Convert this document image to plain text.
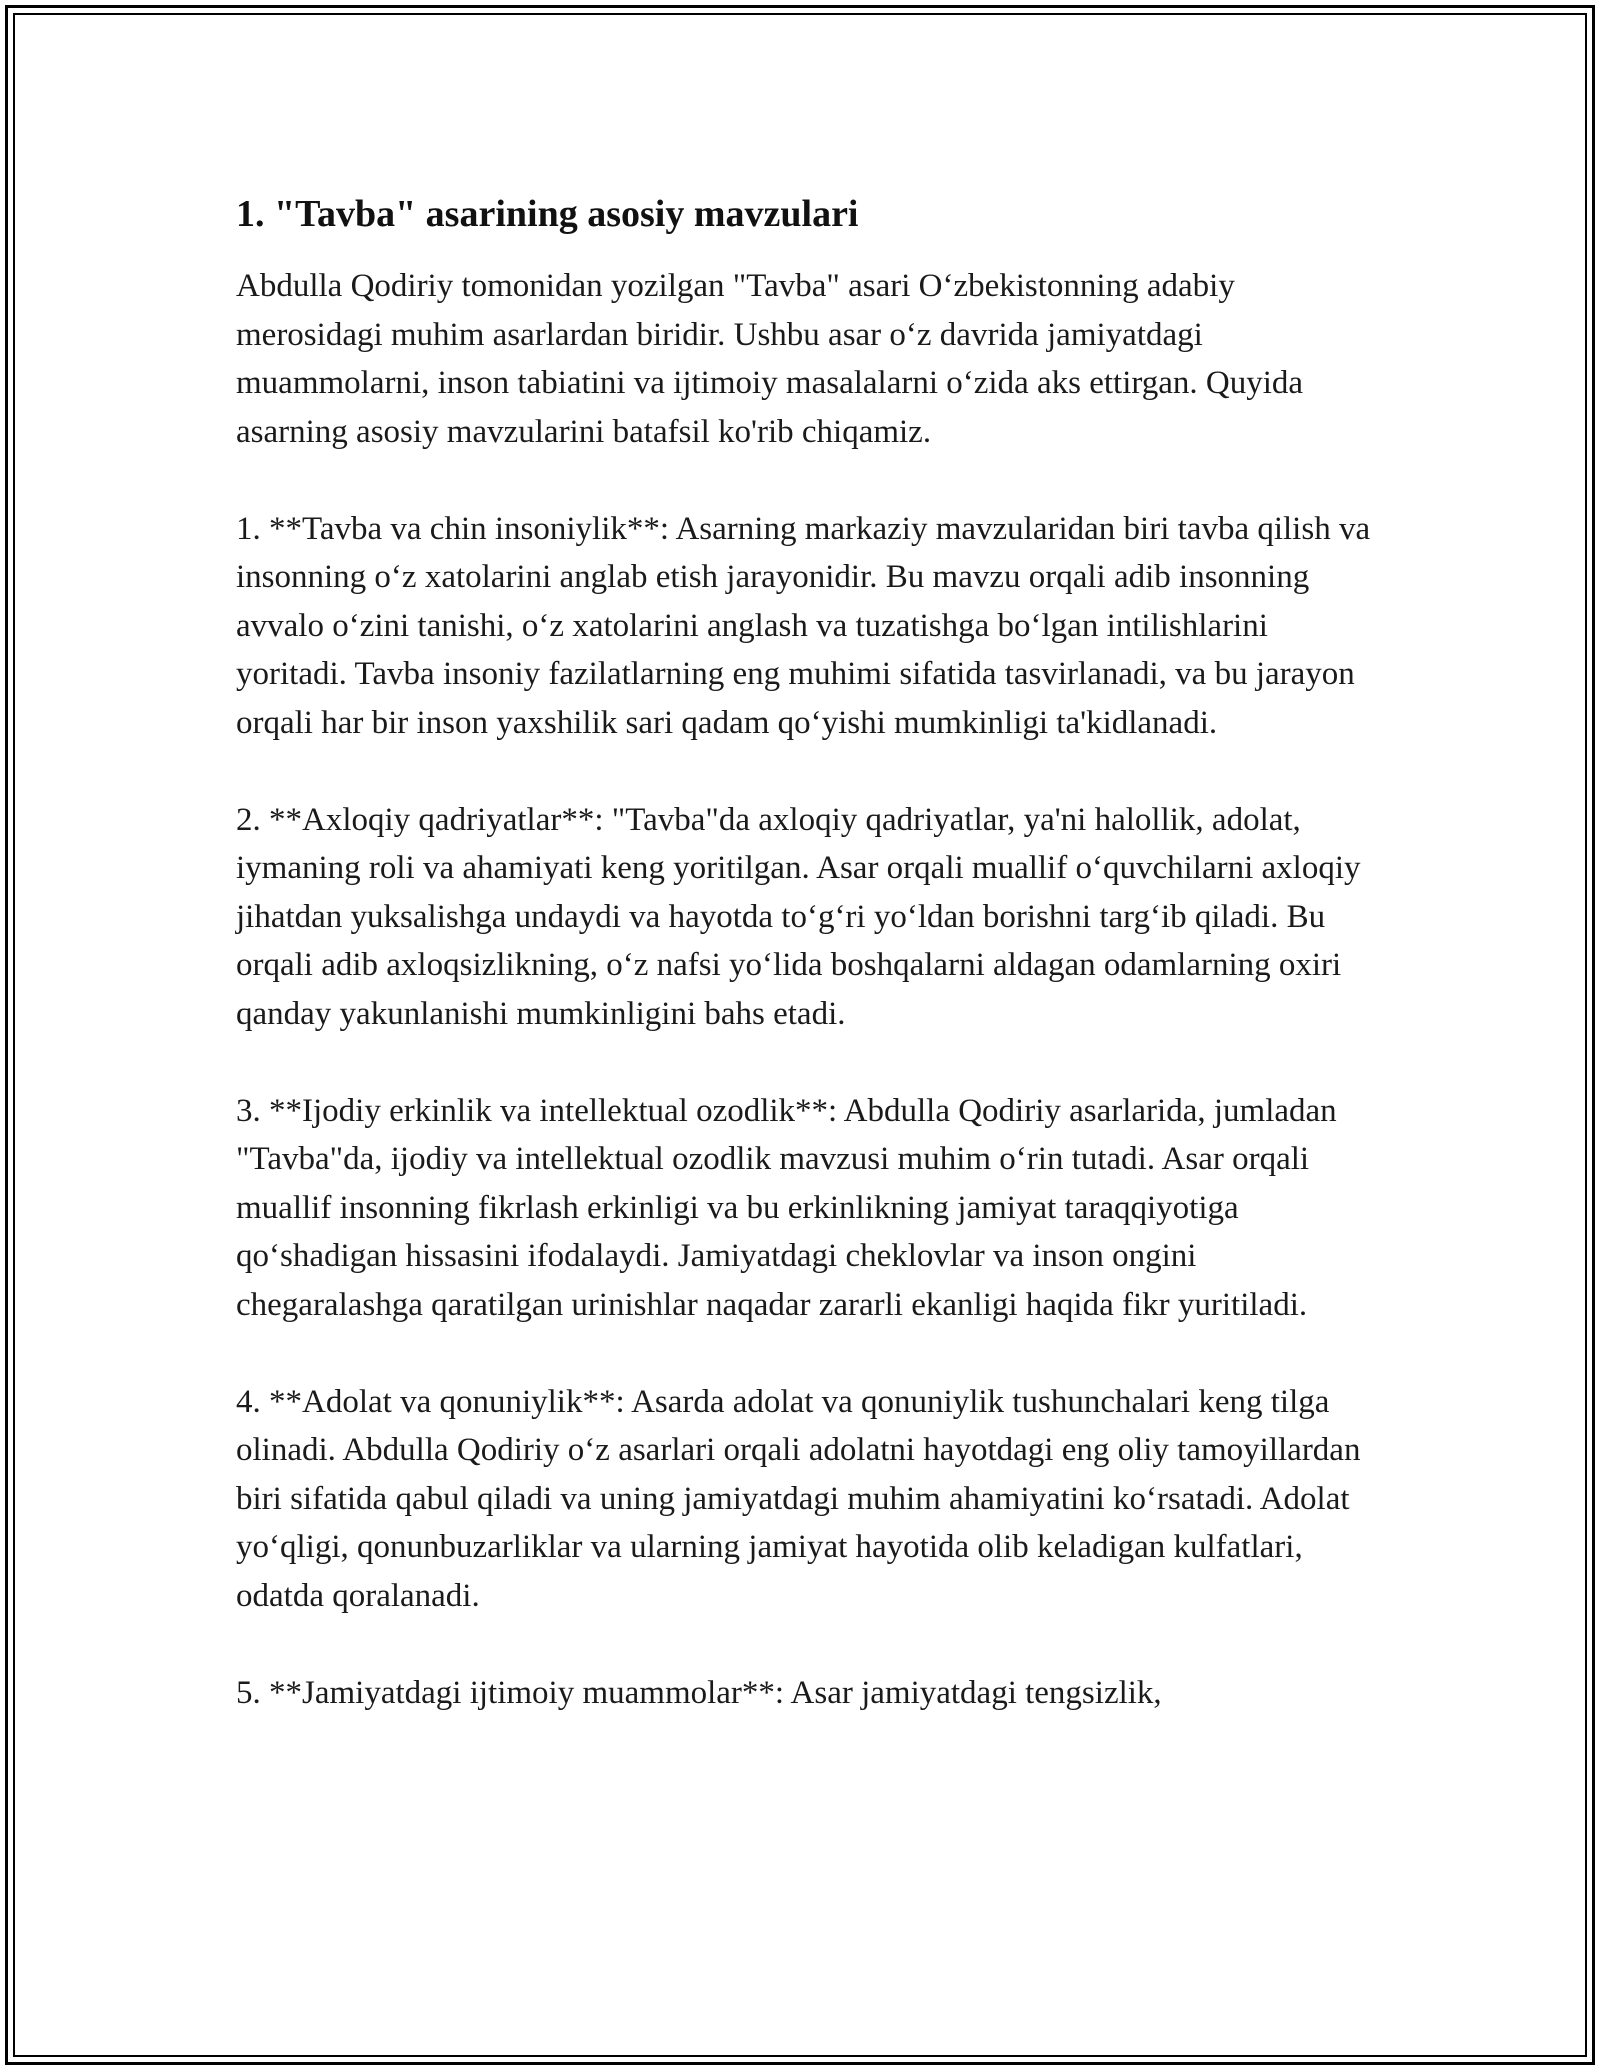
1. "Tavba" asarining asosiy mavzulari

Abdulla Qodiriy tomonidan yozilgan "Tavba" asari O‘zbekistonning adabiy merosidagi muhim asarlardan biridir. Ushbu asar o‘z davrida jamiyatdagi muammolarni, inson tabiatini va ijtimoiy masalalarni o‘zida aks ettirgan. Quyida asarning asosiy mavzularini batafsil ko'rib chiqamiz.

1. **Tavba va chin insoniylik**: Asarning markaziy mavzularidan biri tavba qilish va insonning o‘z xatolarini anglab etish jarayonidir. Bu mavzu orqali adib insonning avvalo o‘zini tanishi, o‘z xatolarini anglash va tuzatishga bo‘lgan intilishlarini yoritadi. Tavba insoniy fazilatlarning eng muhimi sifatida tasvirlanadi, va bu jarayon orqali har bir inson yaxshilik sari qadam qo‘yishi mumkinligi ta'kidlanadi.

2. **Axloqiy qadriyatlar**: "Tavba"da axloqiy qadriyatlar, ya'ni halollik, adolat, iymaning roli va ahamiyati keng yoritilgan. Asar orqali muallif o‘quvchilarni axloqiy jihatdan yuksalishga undaydi va hayotda to‘g‘ri yo‘ldan borishni targ‘ib qiladi. Bu orqali adib axloqsizlikning, o‘z nafsi yo‘lida boshqalarni aldagan odamlarning oxiri qanday yakunlanishi mumkinligini bahs etadi.

3. **Ijodiy erkinlik va intellektual ozodlik**: Abdulla Qodiriy asarlarida, jumladan "Tavba"da, ijodiy va intellektual ozodlik mavzusi muhim o‘rin tutadi. Asar orqali muallif insonning fikrlash erkinligi va bu erkinlikning jamiyat taraqqiyotiga qo‘shadigan hissasini ifodalaydi. Jamiyatdagi cheklovlar va inson ongini chegaralashga qaratilgan urinishlar naqadar zararli ekanligi haqida fikr yuritiladi.

4. **Adolat va qonuniylik**: Asarda adolat va qonuniylik tushunchalari keng tilga olinadi. Abdulla Qodiriy o‘z asarlari orqali adolatni hayotdagi eng oliy tamoyillardan biri sifatida qabul qiladi va uning jamiyatdagi muhim ahamiyatini ko‘rsatadi. Adolat yo‘qligi, qonunbuzarliklar va ularning jamiyat hayotida olib keladigan kulfatlari, odatda qoralanadi.

5. **Jamiyatdagi ijtimoiy muammolar**: Asar jamiyatdagi tengsizlik,
